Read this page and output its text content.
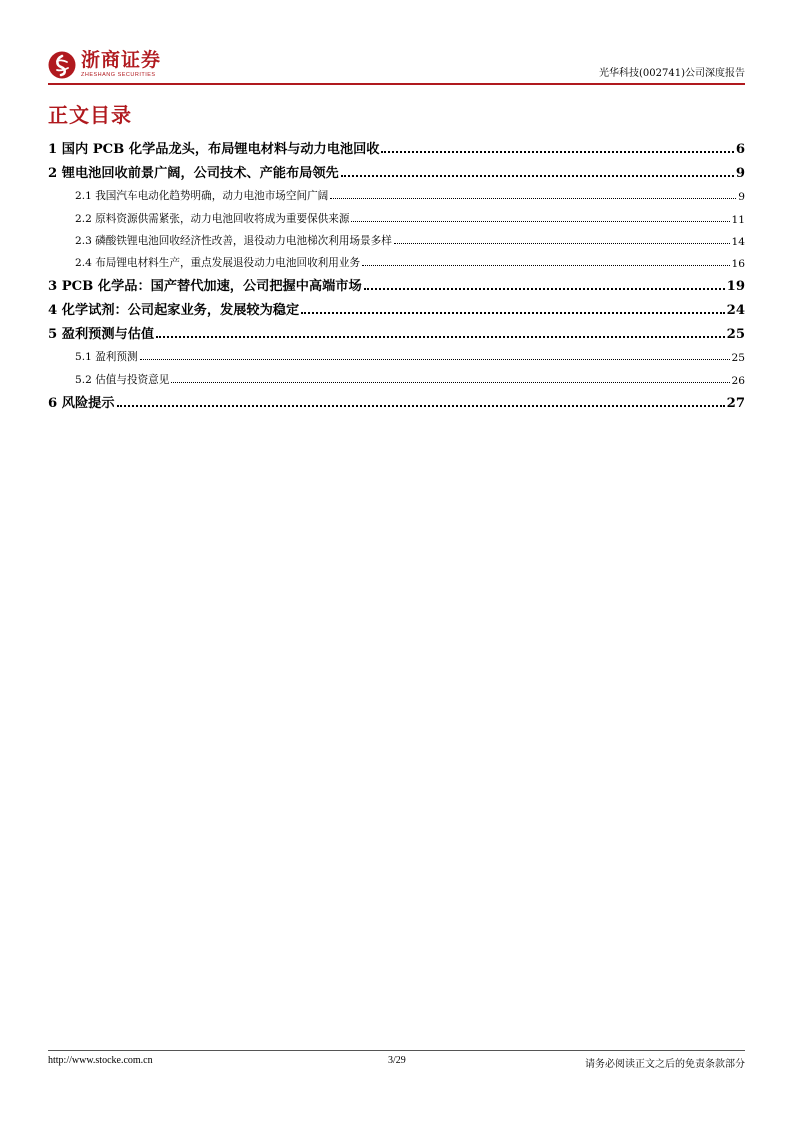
浙商证券
ZHESHANG SECURITIES	光华科技(002741)公司深度报告
正文目录
1 国内 PCB 化学品龙头，布局锂电材料与动力电池回收	6
2 锂电池回收前景广阔，公司技术、产能布局领先	9
2.1 我国汽车电动化趋势明确，动力电池市场空间广阔	9
2.2 原料资源供需紧张，动力电池回收将成为重要保供来源	11
2.3 磷酸铁锂电池回收经济性改善，退役动力电池梯次利用场景多样	14
2.4 布局锂电材料生产，重点发展退役动力电池回收利用业务	16
3 PCB 化学品：国产替代加速，公司把握中高端市场	19
4 化学试剂：公司起家业务，发展较为稳定	24
5 盈利预测与估值	25
5.1 盈利预测	25
5.2 估值与投资意见	26
6 风险提示	27
http://www.stocke.com.cn	3/29	请务必阅读正文之后的免责条款部分
